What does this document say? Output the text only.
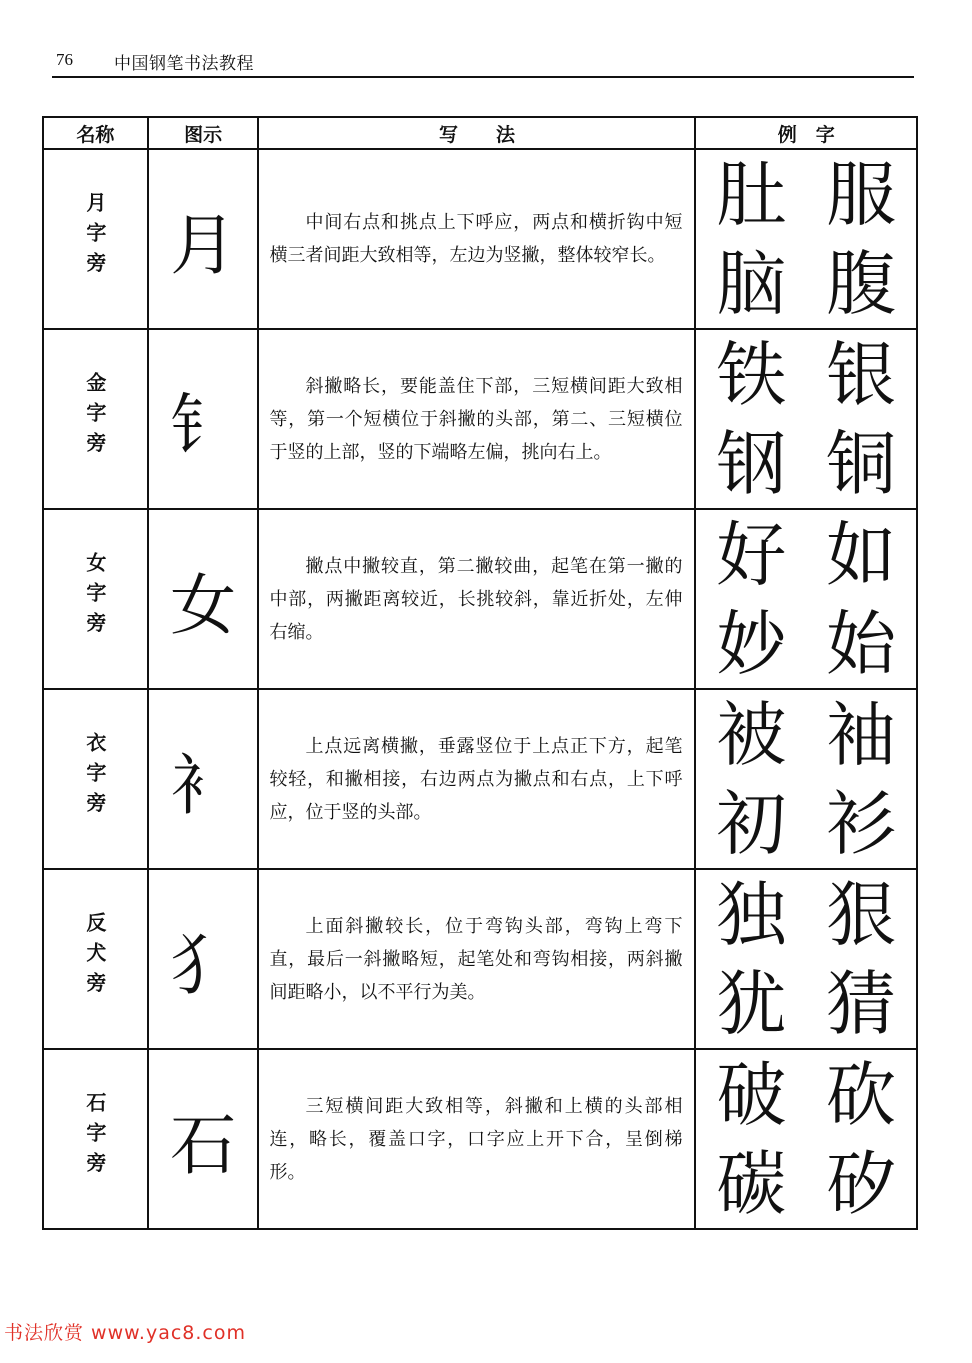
76 中国钢笔书法教程
名称	图示	写　　法	例　字
月字旁	月	中间右点和挑点上下呼应，两点和横折钩中短横三者间距大致相等，左边为竖撇，整体较窄长。	肚 服
脑 腹

金字旁	钅	斜撇略长，要能盖住下部，三短横间距大致相等，第一个短横位于斜撇的头部，第二、三短横位于竖的上部，竖的下端略左偏，挑向右上。	铁 银
钢 铜

女字旁	女	撇点中撇较直，第二撇较曲，起笔在第一撇的中部，两撇距离较近，长挑较斜，靠近折处，左伸右缩。	好 如
妙 始

衣字旁	衤	上点远离横撇，垂露竖位于上点正下方，起笔较轻，和撇相接，右边两点为撇点和右点，上下呼应，位于竖的头部。	被 袖
初 衫

反犬旁	犭	上面斜撇较长，位于弯钩头部，弯钩上弯下直，最后一斜撇略短，起笔处和弯钩相接，两斜撇间距略小，以不平行为美。	独 狠
犹 猜

石字旁	石	三短横间距大致相等，斜撇和上横的头部相连，略长，覆盖口字，口字应上开下合，呈倒梯形。	破 砍
碳 矽
书法欣赏 www.yac8.com
